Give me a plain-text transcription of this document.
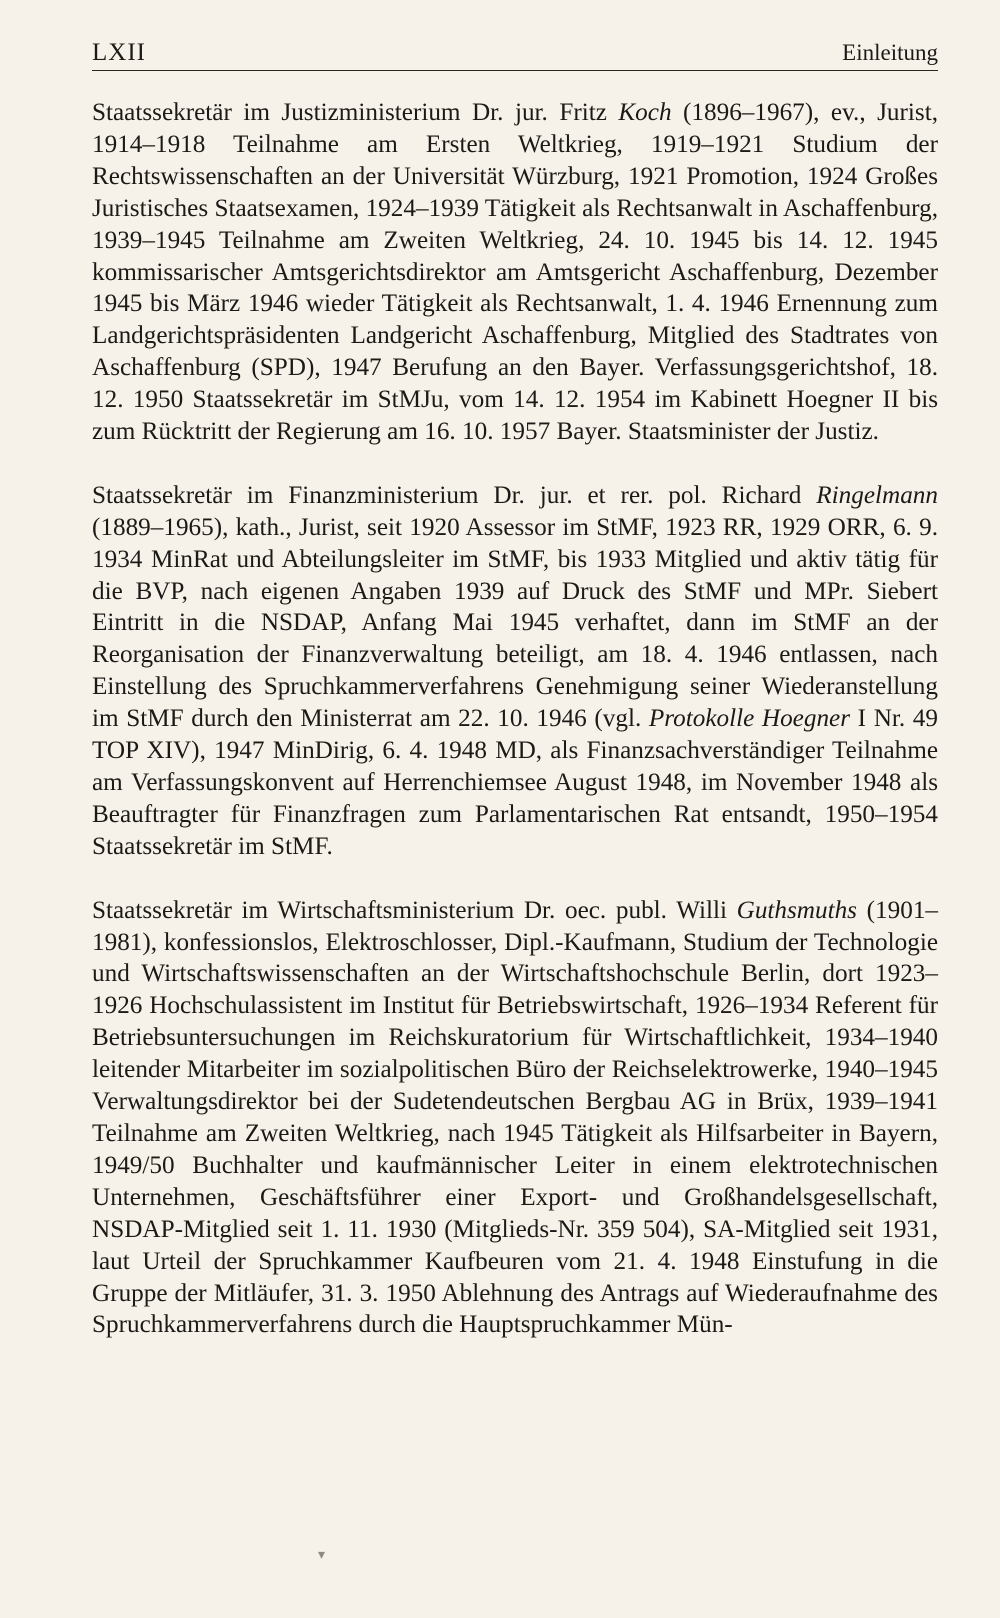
LXII	Einleitung

Staatssekretär im Justizministerium Dr. jur. Fritz Koch (1896–1967), ev., Jurist, 1914–1918 Teilnahme am Ersten Weltkrieg, 1919–1921 Studium der Rechtswissenschaften an der Universität Würzburg, 1921 Promotion, 1924 Großes Juristisches Staatsexamen, 1924–1939 Tätigkeit als Rechtsanwalt in Aschaffenburg, 1939–1945 Teilnahme am Zweiten Weltkrieg, 24. 10. 1945 bis 14. 12. 1945 kommissarischer Amtsgerichtsdirektor am Amtsgericht Aschaffenburg, Dezember 1945 bis März 1946 wieder Tätigkeit als Rechtsanwalt, 1. 4. 1946 Ernennung zum Landgerichtspräsidenten Landgericht Aschaffenburg, Mitglied des Stadtrates von Aschaffenburg (SPD), 1947 Berufung an den Bayer. Verfassungsgerichtshof, 18. 12. 1950 Staatssekretär im StMJu, vom 14. 12. 1954 im Kabinett Hoegner II bis zum Rücktritt der Regierung am 16. 10. 1957 Bayer. Staatsminister der Justiz.

Staatssekretär im Finanzministerium Dr. jur. et rer. pol. Richard Ringelmann (1889–1965), kath., Jurist, seit 1920 Assessor im StMF, 1923 RR, 1929 ORR, 6. 9. 1934 MinRat und Abteilungsleiter im StMF, bis 1933 Mitglied und aktiv tätig für die BVP, nach eigenen Angaben 1939 auf Druck des StMF und MPr. Siebert Eintritt in die NSDAP, Anfang Mai 1945 verhaftet, dann im StMF an der Reorganisation der Finanzverwaltung beteiligt, am 18. 4. 1946 entlassen, nach Einstellung des Spruchkammerverfahrens Genehmigung seiner Wiederanstellung im StMF durch den Ministerrat am 22. 10. 1946 (vgl. Protokolle Hoegner I Nr. 49 TOP XIV), 1947 MinDirig, 6. 4. 1948 MD, als Finanzsachverständiger Teilnahme am Verfassungskonvent auf Herrenchiemsee August 1948, im November 1948 als Beauftragter für Finanzfragen zum Parlamentarischen Rat entsandt, 1950–1954 Staatssekretär im StMF.

Staatssekretär im Wirtschaftsministerium Dr. oec. publ. Willi Guthsmuths (1901–1981), konfessionslos, Elektroschlosser, Dipl.-Kaufmann, Studium der Technologie und Wirtschaftswissenschaften an der Wirtschaftshochschule Berlin, dort 1923–1926 Hochschulassistent im Institut für Betriebswirtschaft, 1926–1934 Referent für Betriebsuntersuchungen im Reichskuratorium für Wirtschaftlichkeit, 1934–1940 leitender Mitarbeiter im sozialpolitischen Büro der Reichselektrowerke, 1940–1945 Verwaltungsdirektor bei der Sudetendeutschen Bergbau AG in Brüx, 1939–1941 Teilnahme am Zweiten Weltkrieg, nach 1945 Tätigkeit als Hilfsarbeiter in Bayern, 1949/50 Buchhalter und kaufmännischer Leiter in einem elektrotechnischen Unternehmen, Geschäftsführer einer Export- und Großhandelsgesellschaft, NSDAP-Mitglied seit 1. 11. 1930 (Mitglieds-Nr. 359 504), SA-Mitglied seit 1931, laut Urteil der Spruchkammer Kaufbeuren vom 21. 4. 1948 Einstufung in die Gruppe der Mitläufer, 31. 3. 1950 Ablehnung des Antrags auf Wiederaufnahme des Spruchkammerverfahrens durch die Hauptspruchkammer Mün-

▾
